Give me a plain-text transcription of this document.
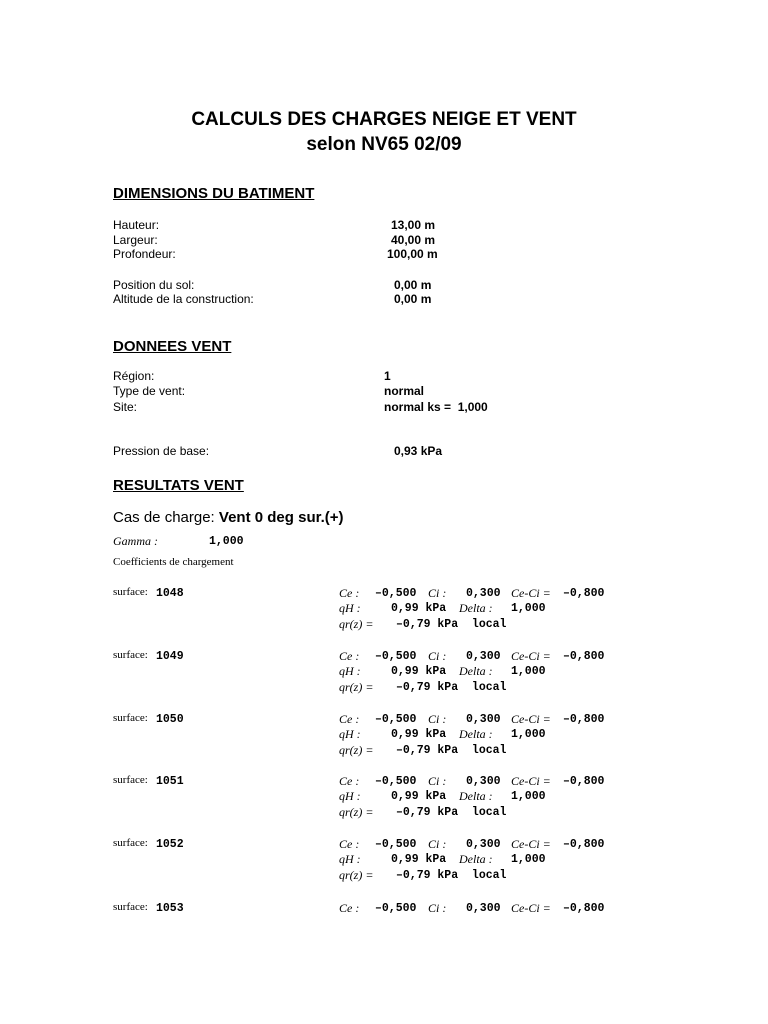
CALCULS DES CHARGES NEIGE ET VENT
selon NV65 02/09
DIMENSIONS DU BATIMENT
Hauteur:	13,00 m
Largeur:	40,00 m
Profondeur:	100,00 m
Position du sol:	0,00 m
Altitude de la construction:	0,00 m
DONNEES VENT
Région:	1
Type de vent:	normal
Site:	normal ks =  1,000
Pression de base:	0,93 kPa
RESULTATS VENT
Cas de charge: Vent 0 deg sur.(+)
Gamma :	1,000
Coefficients de chargement
surface: 1048	Ce : –0,500 Ci : 0,300 Ce-Ci = –0,800
qH :	0,99 kPa Delta : 1,000
qr(z) = –0,79 kPa  local
surface: 1049	Ce : –0,500 Ci : 0,300 Ce-Ci = –0,800
qH :	0,99 kPa Delta : 1,000
qr(z) = –0,79 kPa  local
surface: 1050	Ce : –0,500 Ci : 0,300 Ce-Ci = –0,800
qH :	0,99 kPa Delta : 1,000
qr(z) = –0,79 kPa  local
surface: 1051	Ce : –0,500 Ci : 0,300 Ce-Ci = –0,800
qH :	0,99 kPa Delta : 1,000
qr(z) = –0,79 kPa  local
surface: 1052	Ce : –0,500 Ci : 0,300 Ce-Ci = –0,800
qH :	0,99 kPa Delta : 1,000
qr(z) = –0,79 kPa  local
surface: 1053	Ce : –0,500 Ci : 0,300 Ce-Ci = –0,800
